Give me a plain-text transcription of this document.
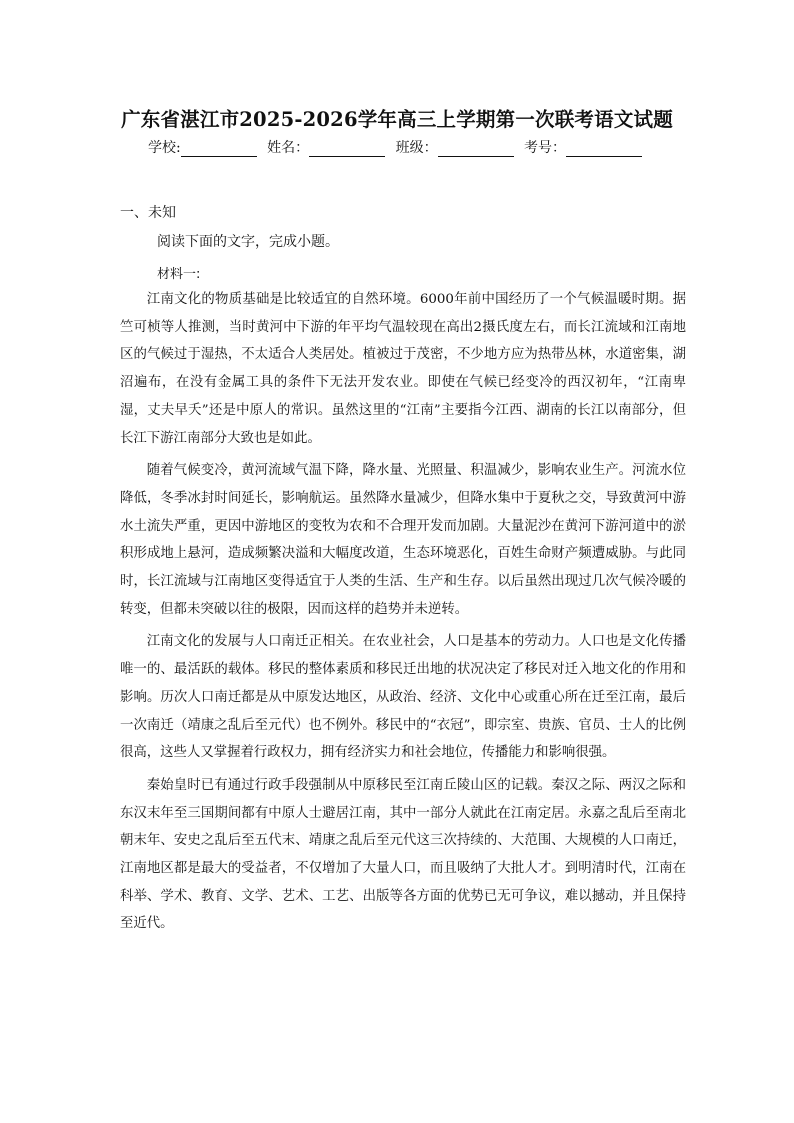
广东省湛江市2025-2026学年高三上学期第一次联考语文试题
学校:	姓名：	班级：	考号：
一、未知
阅读下面的文字，完成小题。
材料一:

江南文化的物质基础是比较适宜的自然环境。6000年前中国经历了一个气候温暖时期。据竺可桢等人推测，当时黄河中下游的年平均气温较现在高出2摄氏度左右，而长江流域和江南地区的气候过于湿热，不太适合人类居处。植被过于茂密，不少地方应为热带丛林，水道密集，湖沼遍布，在没有金属工具的条件下无法开发农业。即使在气候已经变冷的西汉初年，“江南卑湿，丈夫早夭”还是中原人的常识。虽然这里的“江南”主要指今江西、湖南的长江以南部分，但长江下游江南部分大致也是如此。

随着气候变冷，黄河流域气温下降，降水量、光照量、积温减少，影响农业生产。河流水位降低，冬季冰封时间延长，影响航运。虽然降水量减少，但降水集中于夏秋之交，导致黄河中游水土流失严重，更因中游地区的变牧为农和不合理开发而加剧。大量泥沙在黄河下游河道中的淤积形成地上悬河，造成频繁决溢和大幅度改道，生态环境恶化，百姓生命财产频遭威胁。与此同时，长江流域与江南地区变得适宜于人类的生活、生产和生存。以后虽然出现过几次气候冷暖的转变，但都未突破以往的极限，因而这样的趋势并未逆转。

江南文化的发展与人口南迁正相关。在农业社会，人口是基本的劳动力。人口也是文化传播唯一的、最活跃的载体。移民的整体素质和移民迁出地的状况决定了移民对迁入地文化的作用和影响。历次人口南迁都是从中原发达地区，从政治、经济、文化中心或重心所在迁至江南，最后一次南迁（靖康之乱后至元代）也不例外。移民中的“衣冠”，即宗室、贵族、官员、士人的比例很高，这些人又掌握着行政权力，拥有经济实力和社会地位，传播能力和影响很强。

秦始皇时已有通过行政手段强制从中原移民至江南丘陵山区的记载。秦汉之际、两汉之际和东汉末年至三国期间都有中原人士避居江南，其中一部分人就此在江南定居。永嘉之乱后至南北朝末年、安史之乱后至五代末、靖康之乱后至元代这三次持续的、大范围、大规模的人口南迁，江南地区都是最大的受益者，不仅增加了大量人口，而且吸纳了大批人才。到明清时代，江南在科举、学术、教育、文学、艺术、工艺、出版等各方面的优势已无可争议，难以撼动，并且保持至近代。
